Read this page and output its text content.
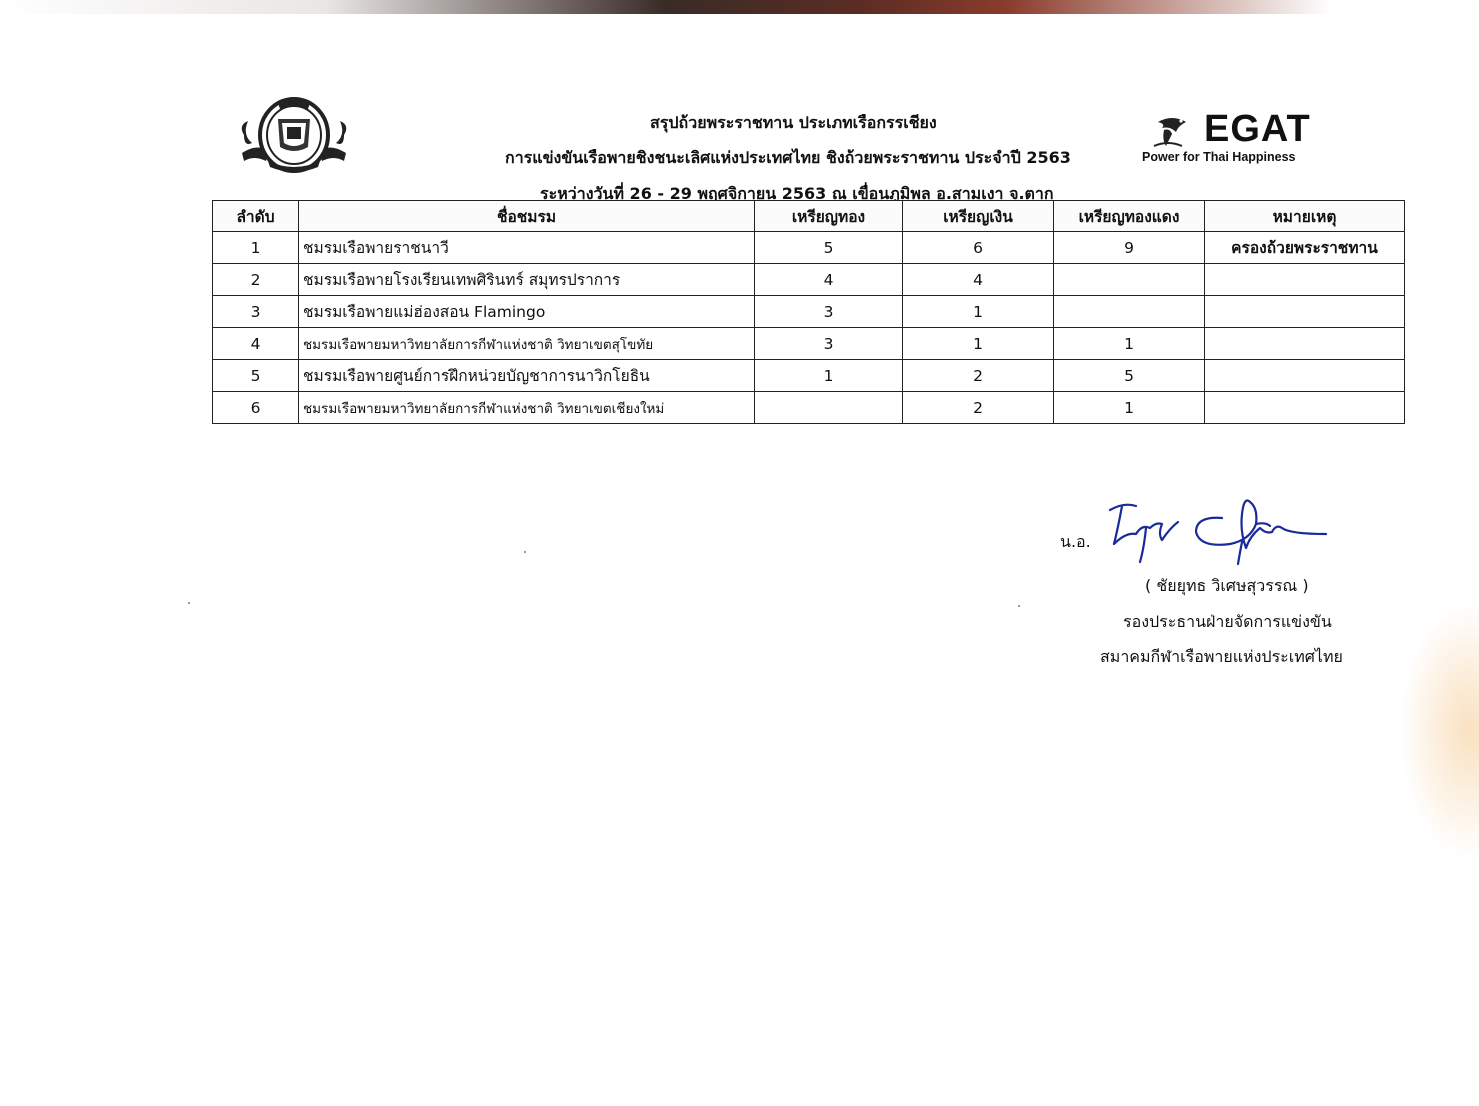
EGAT
Power for Thai Happiness
สรุปถ้วยพระราชทาน ประเภทเรือกรรเชียง
การแข่งขันเรือพายชิงชนะเลิศแห่งประเทศไทย ชิงถ้วยพระราชทาน ประจำปี 2563
ระหว่างวันที่ 26 - 29 พฤศจิกายน 2563 ณ เขื่อนภูมิพล อ.สามเงา จ.ตาก
ลำดับ	ชื่อชมรม	เหรียญทอง	เหรียญเงิน	เหรียญทองแดง	หมายเหตุ
1	ชมรมเรือพายราชนาวี	5	6	9	ครองถ้วยพระราชทาน
2	ชมรมเรือพายโรงเรียนเทพศิรินทร์ สมุทรปราการ	4	4		
3	ชมรมเรือพายแม่ฮ่องสอน Flamingo	3	1		
4	ชมรมเรือพายมหาวิทยาลัยการกีฬาแห่งชาติ วิทยาเขตสุโขทัย	3	1	1	
5	ชมรมเรือพายศูนย์การฝึกหน่วยบัญชาการนาวิกโยธิน	1	2	5	
6	ชมรมเรือพายมหาวิทยาลัยการกีฬาแห่งชาติ วิทยาเขตเชียงใหม่		2	1	
น.อ.
( ชัยยุทธ วิเศษสุวรรณ )
รองประธานฝ่ายจัดการแข่งขัน
สมาคมกีฬาเรือพายแห่งประเทศไทย
